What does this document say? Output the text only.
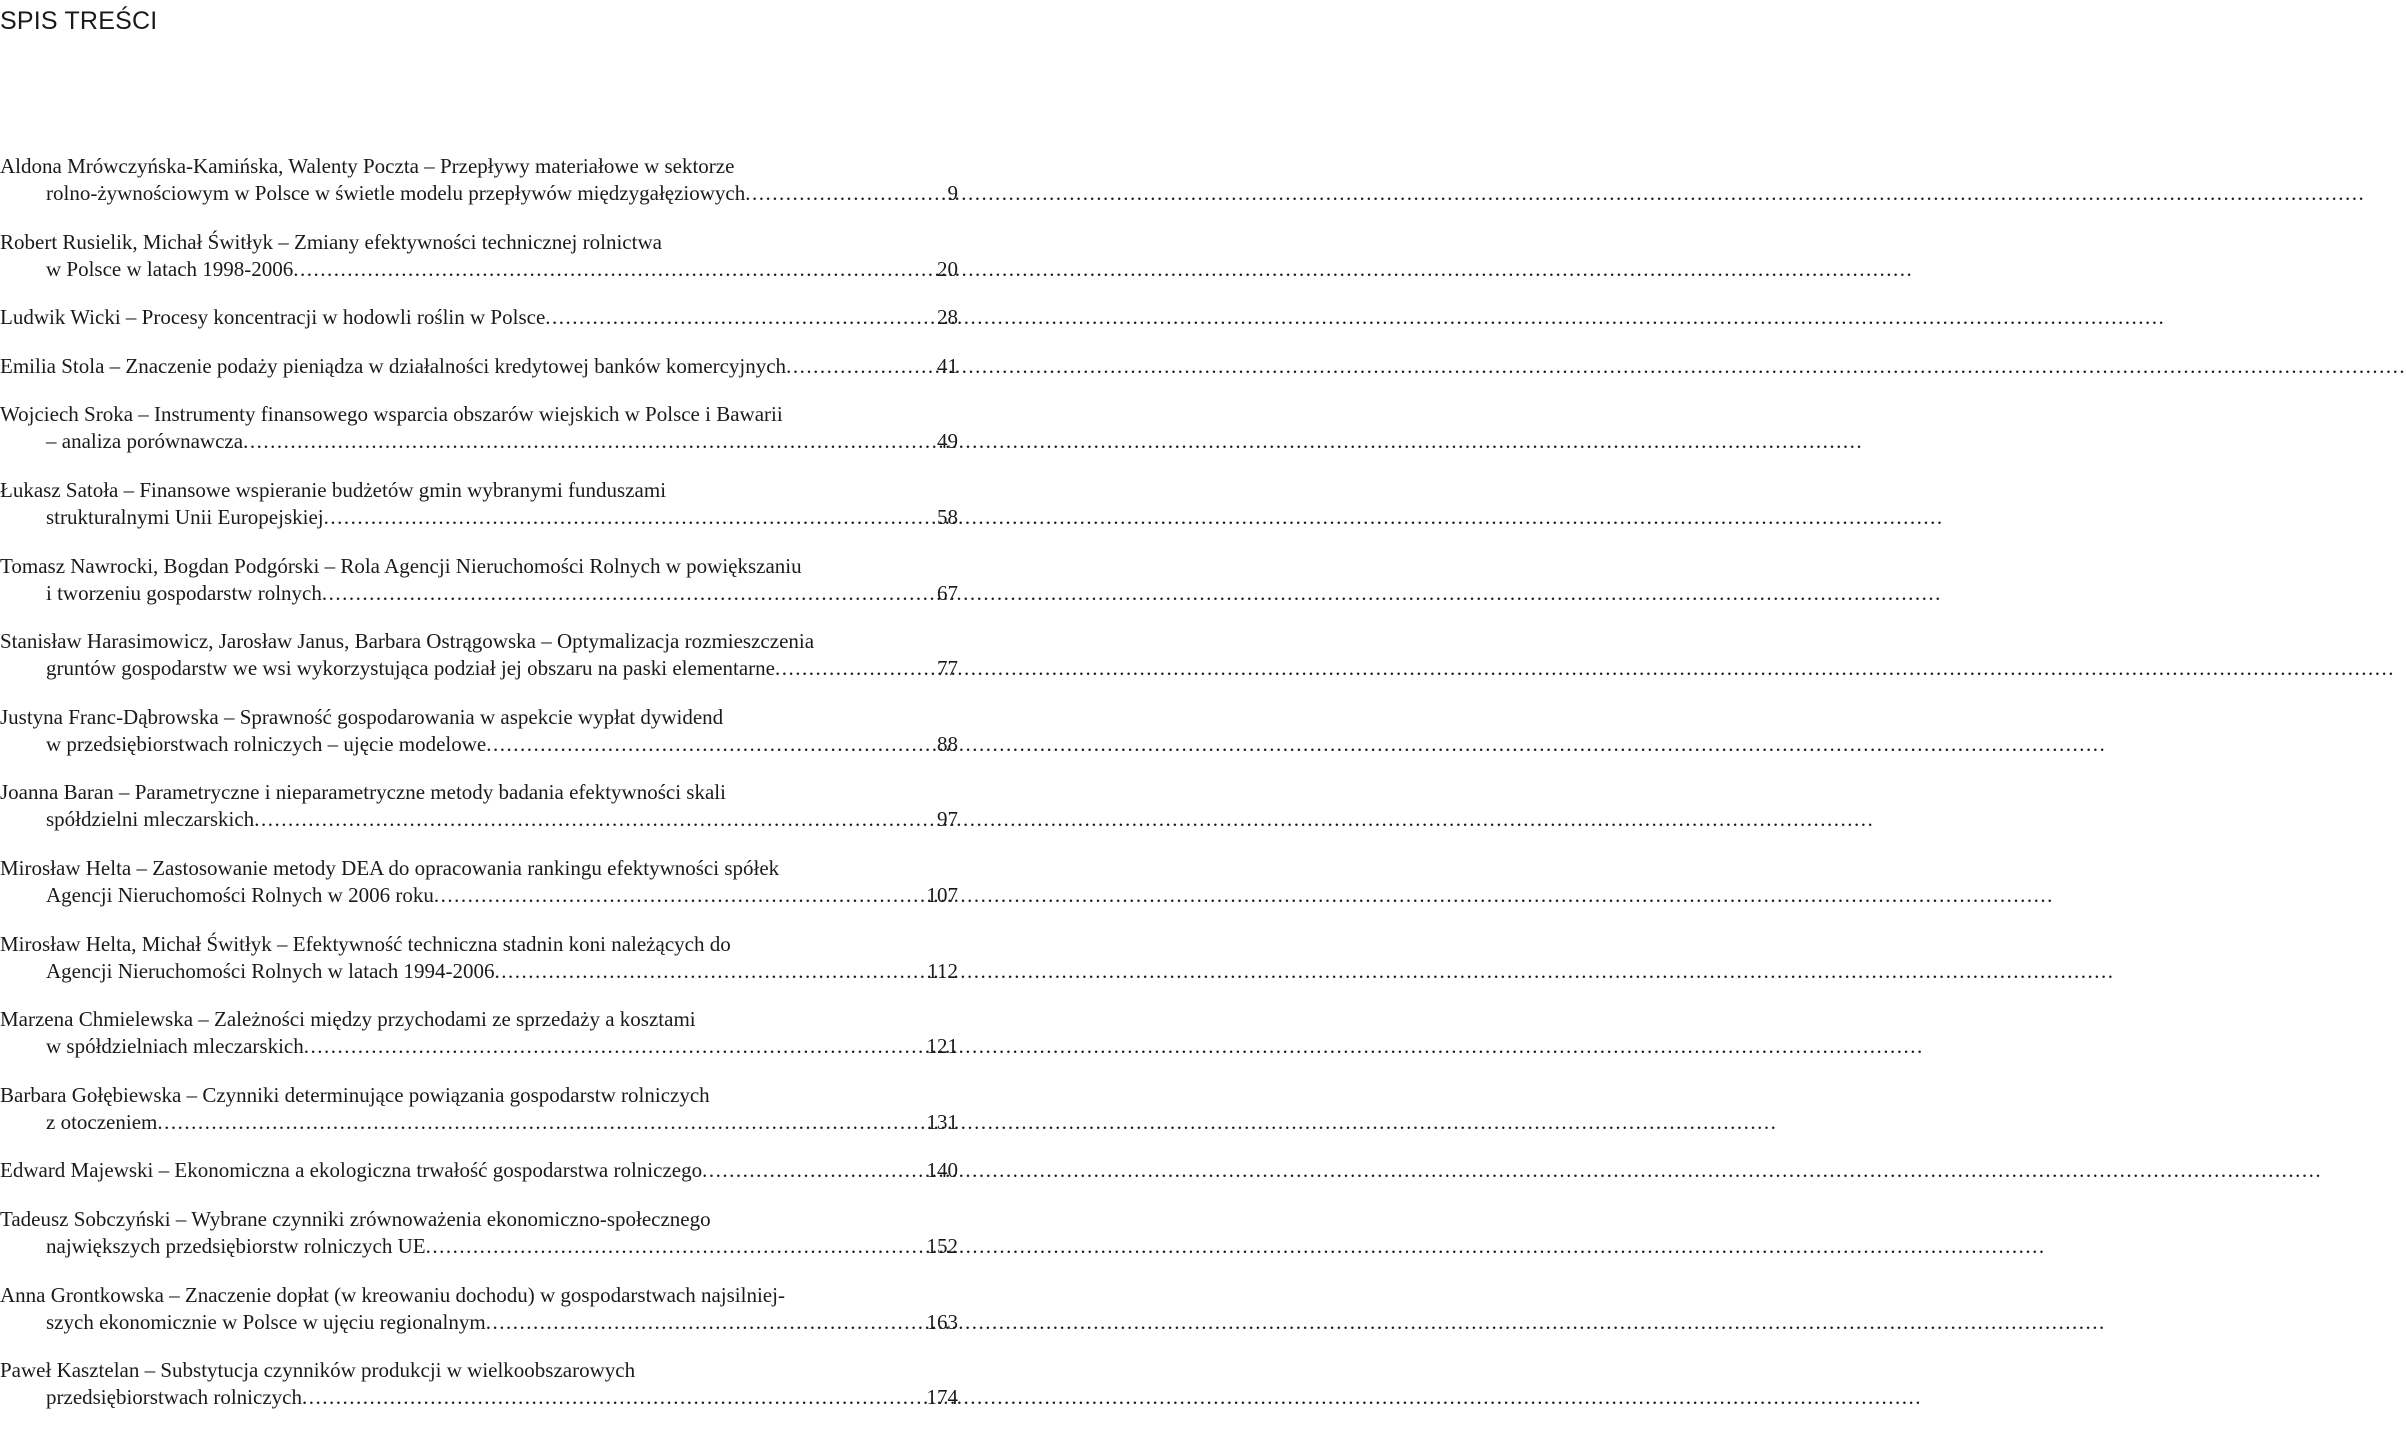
SPIS TREŚCI
Aldona Mrówczyńska-Kamińska, Walenty Poczta – Przepływy materiałowe w sektorze
rolno-żywnościowym w Polsce w świetle modelu przepływów międzygałęziowych .....	9
Robert Rusielik, Michał Świtłyk – Zmiany efektywności technicznej rolnictwa
w Polsce w latach 1998-2006 .....	20
Ludwik Wicki – Procesy koncentracji w hodowli roślin w Polsce .....	28
Emilia Stola – Znaczenie podaży pieniądza w działalności kredytowej banków komercyjnych .....	41
Wojciech Sroka – Instrumenty finansowego wsparcia obszarów wiejskich w Polsce i Bawarii
– analiza porównawcza .....	49
Łukasz Satoła – Finansowe wspieranie budżetów gmin wybranymi funduszami
strukturalnymi Unii Europejskiej .....	58
Tomasz Nawrocki, Bogdan Podgórski – Rola Agencji Nieruchomości Rolnych w powiększaniu
i tworzeniu gospodarstw rolnych .....	67
Stanisław Harasimowicz, Jarosław Janus, Barbara Ostrągowska – Optymalizacja rozmieszczenia
gruntów gospodarstw we wsi wykorzystująca podział jej obszaru na paski elementarne .....	77
Justyna Franc-Dąbrowska – Sprawność gospodarowania w aspekcie wypłat dywidend
w przedsiębiorstwach rolniczych – ujęcie modelowe .....	88
Joanna Baran – Parametryczne i nieparametryczne metody badania efektywności skali
spółdzielni mleczarskich .....	97
Mirosław Helta – Zastosowanie metody DEA do opracowania rankingu efektywności spółek
Agencji Nieruchomości Rolnych w 2006 roku .....	107
Mirosław Helta, Michał Świtłyk – Efektywność techniczna stadnin koni należących do
Agencji Nieruchomości Rolnych w latach 1994-2006 .....	112
Marzena Chmielewska – Zależności między przychodami ze sprzedaży a kosztami
w spółdzielniach mleczarskich .....	121
Barbara Gołębiewska – Czynniki determinujące powiązania gospodarstw rolniczych
z otoczeniem .....	131
Edward Majewski – Ekonomiczna a ekologiczna trwałość gospodarstwa rolniczego .....	140
Tadeusz Sobczyński – Wybrane czynniki zrównoważenia ekonomiczno-społecznego
największych przedsiębiorstw rolniczych UE .....	152
Anna Grontkowska – Znaczenie dopłat (w kreowaniu dochodu) w gospodarstwach najsilniej-
szych ekonomicznie w Polsce w ujęciu regionalnym .....	163
Paweł Kasztelan – Substytucja czynników produkcji w wielkoobszarowych
przedsiębiorstwach rolniczych .....	174
